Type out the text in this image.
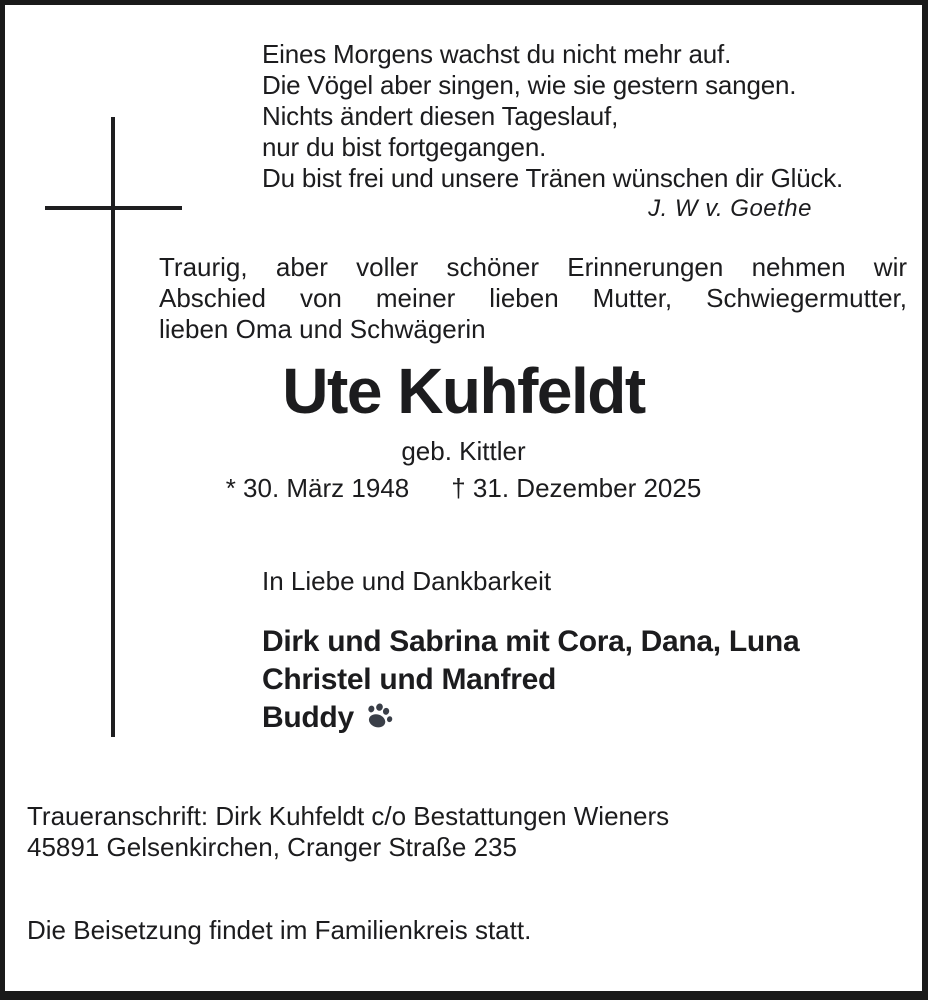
Eines Morgens wachst du nicht mehr auf.
Die Vögel aber singen, wie sie gestern sangen.
Nichts ändert diesen Tageslauf,
nur du bist fortgegangen.
Du bist frei und unsere Tränen wünschen dir Glück.
J. W v. Goethe
Traurig, aber voller schöner Erinnerungen nehmen wir
Abschied von meiner lieben Mutter, Schwiegermutter,
lieben Oma und Schwägerin
Ute Kuhfeldt
geb. Kittler
* 30. März 1948 † 31. Dezember 2025
In Liebe und Dankbarkeit
Dirk und Sabrina mit Cora, Dana, Luna
Christel und Manfred
Buddy
Traueranschrift: Dirk Kuhfeldt c/o Bestattungen Wieners
45891 Gelsenkirchen, Cranger Straße 235
Die Beisetzung findet im Familienkreis statt.
